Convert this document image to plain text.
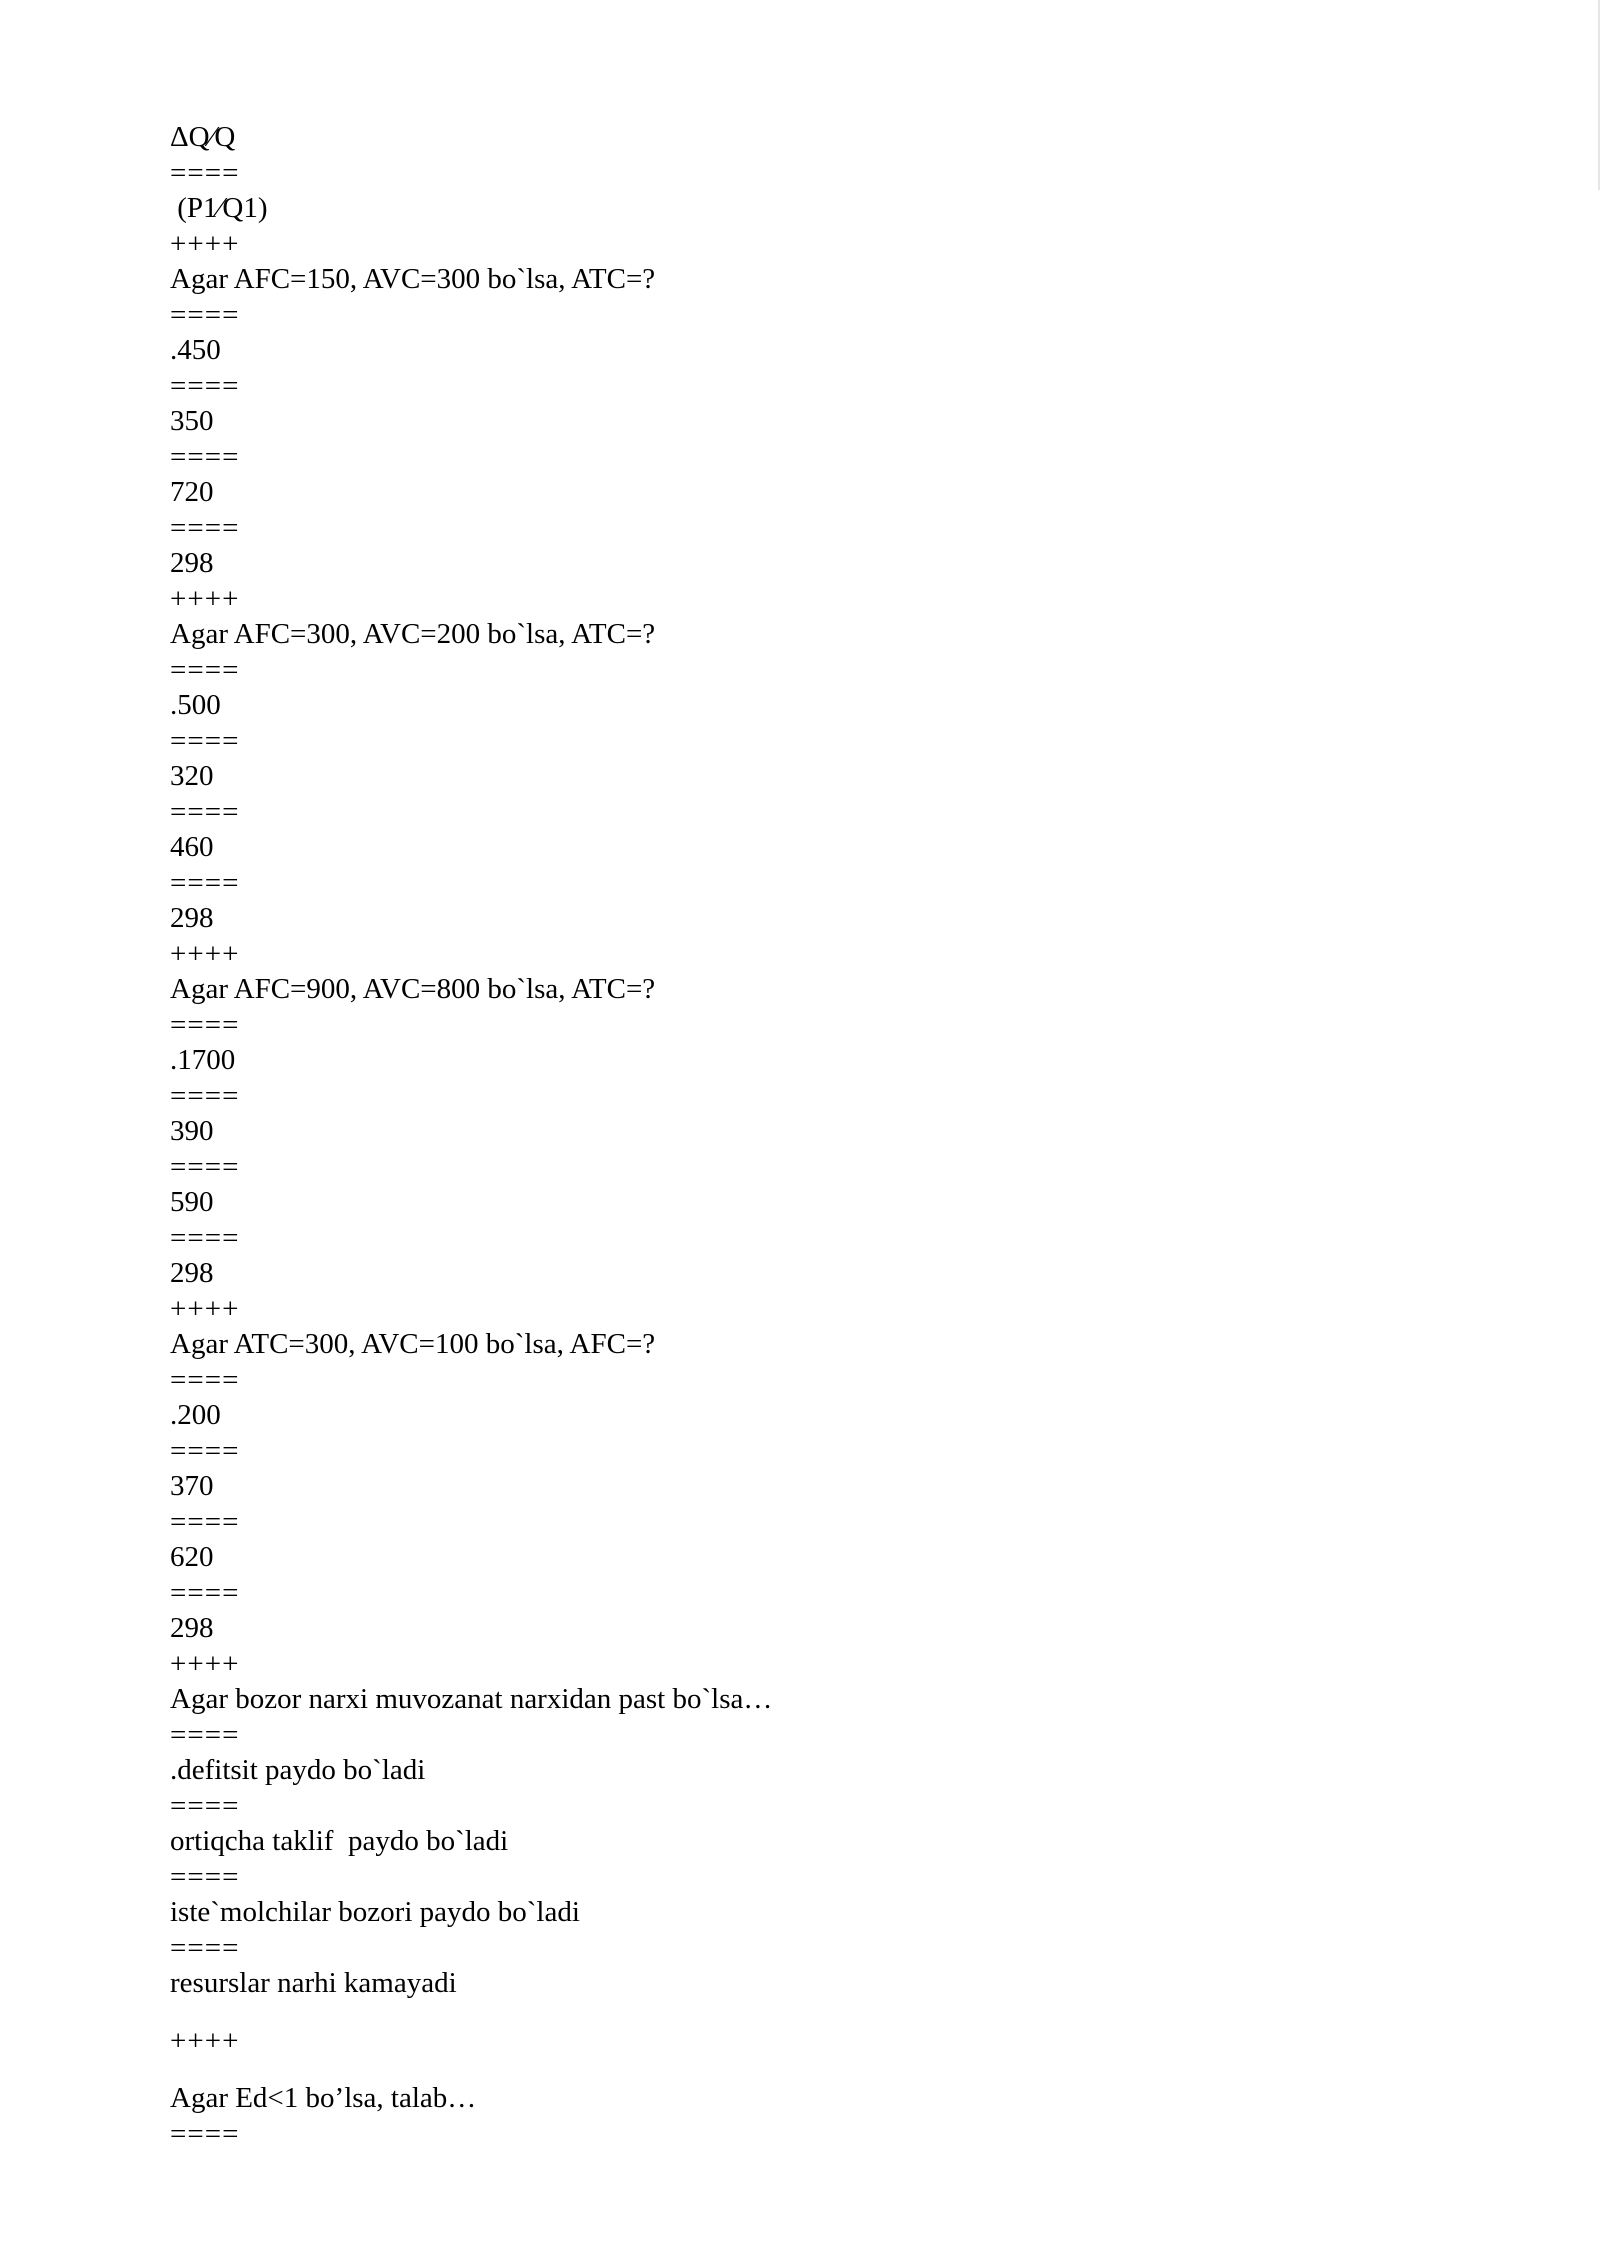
ΔQ⁄Q
====
(P1⁄Q1)
++++
Agar AFC=150, AVC=300 bo`lsa, ATC=?
====
.450
====
350
====
720
====
298
++++
Agar AFC=300, AVC=200 bo`lsa, ATC=?
====
.500
====
320
====
460
====
298
++++
Agar AFC=900, AVC=800 bo`lsa, ATC=?
====
.1700
====
390
====
590
====
298
++++
Agar ATC=300, AVC=100 bo`lsa, AFC=?
====
.200
====
370
====
620
====
298
++++
Agar bozor narxi muvozanat narxidan past bo`lsa…
====
.defitsit paydo bo`ladi
====
ortiqcha taklif  paydo bo`ladi
====
iste`molchilar bozori paydo bo`ladi
====
resurslar narhi kamayadi
++++
Agar Ed<1 bo’lsa, talab…
====
